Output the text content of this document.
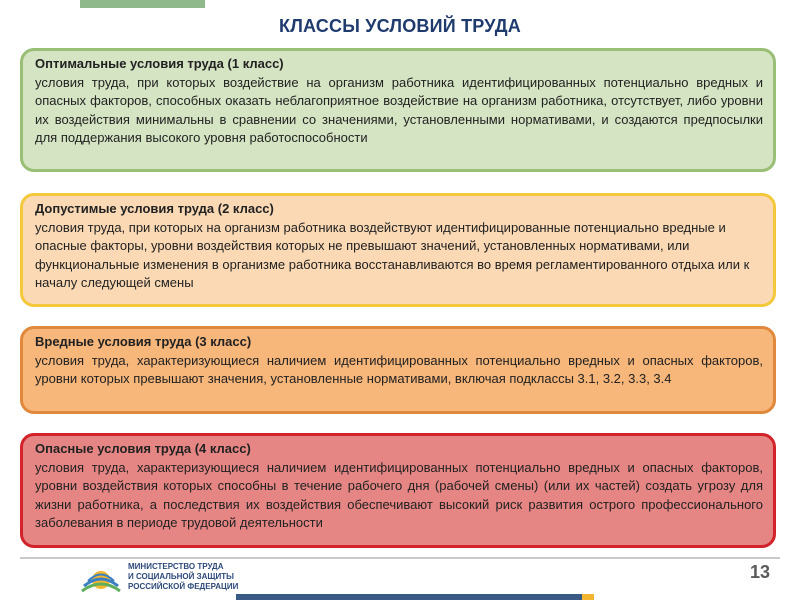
КЛАССЫ УСЛОВИЙ ТРУДА
Оптимальные условия труда (1 класс)
условия труда, при которых воздействие на организм работника идентифицированных потенциально вредных и опасных факторов, способных оказать неблагоприятное воздействие на организм работника, отсутствует, либо уровни их воздействия минимальны в сравнении со значениями, установленными нормативами, и создаются предпосылки для поддержания высокого уровня работоспособности
Допустимые условия труда (2 класс)
условия труда, при которых на организм работника воздействуют идентифицированные потенциально вредные и опасные факторы, уровни воздействия которых не превышают значений, установленных нормативами, или функциональные изменения в организме работника восстанавливаются во время регламентированного отдыха или к началу следующей смены
Вредные условия труда (3 класс)
условия труда, характеризующиеся наличием идентифицированных потенциально вредных и опасных факторов, уровни которых превышают значения, установленные нормативами, включая подклассы 3.1, 3.2, 3.3, 3.4
Опасные условия труда (4 класс)
условия труда, характеризующиеся наличием идентифицированных потенциально вредных и опасных факторов, уровни воздействия которых способны в течение рабочего дня (рабочей смены) (или их частей) создать угрозу для жизни работника, а последствия их воздействия обеспечивают высокий риск развития острого профессионального заболевания в периоде трудовой деятельности
МИНИСТЕРСТВО ТРУДА
И СОЦИАЛЬНОЙ ЗАЩИТЫ
РОССИЙСКОЙ ФЕДЕРАЦИИ
13
